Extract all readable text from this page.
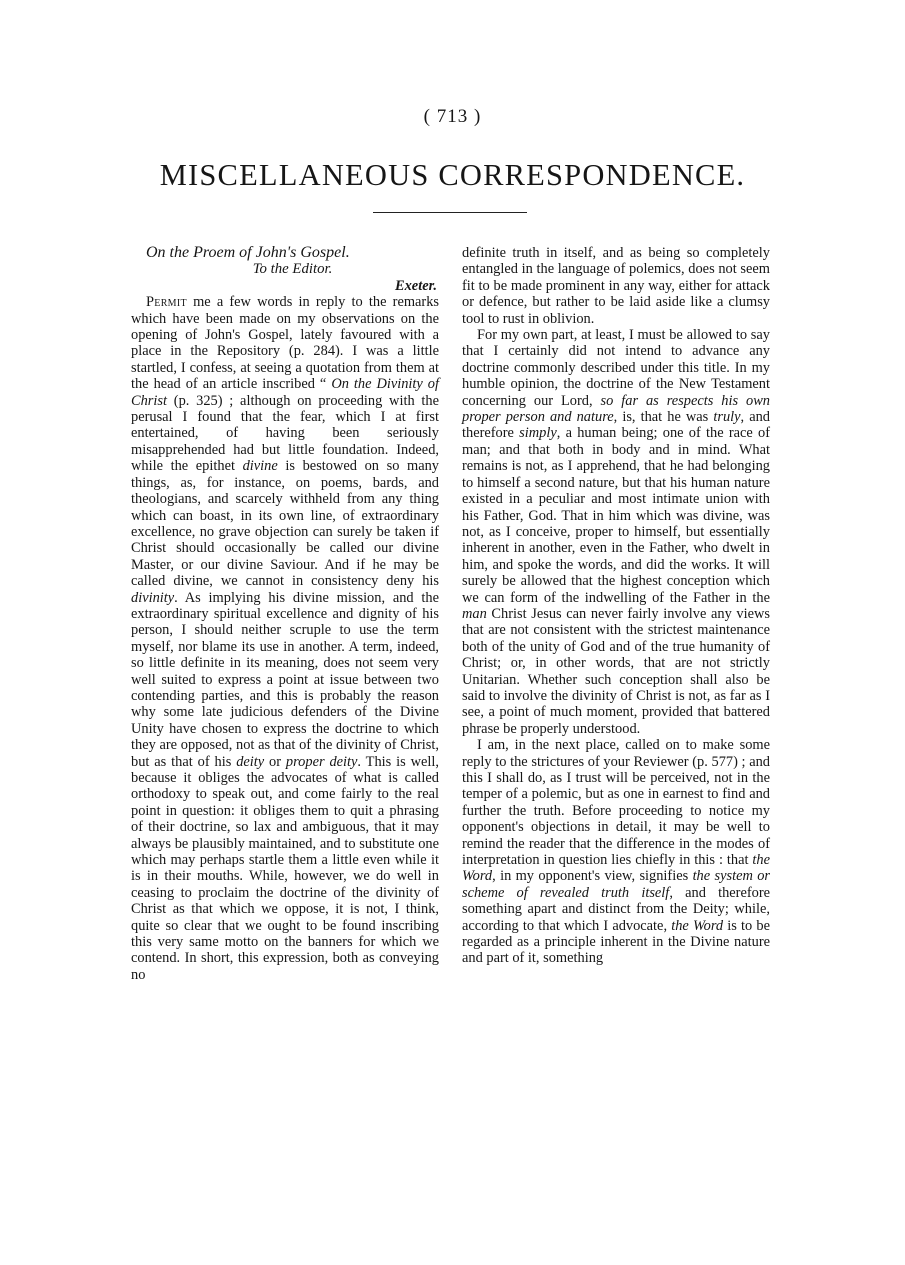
( 713 )
MISCELLANEOUS CORRESPONDENCE.

On the Proem of John's Gospel.

To the Editor.

Exeter.

Permit me a few words in reply to the remarks which have been made on my observations on the opening of John's Gospel, lately favoured with a place in the Repository (p. 284). I was a little startled, I confess, at seeing a quotation from them at the head of an article inscribed “ On the Divinity of Christ (p. 325) ; although on proceeding with the perusal I found that the fear, which I at first entertained, of having been seriously misapprehended had but little foundation. Indeed, while the epithet divine is bestowed on so many things, as, for instance, on poems, bards, and theologians, and scarcely withheld from any thing which can boast, in its own line, of extraordinary excellence, no grave objection can surely be taken if Christ should occasionally be called our divine Master, or our divine Saviour. And if he may be called divine, we cannot in consistency deny his divinity. As implying his divine mission, and the extraordinary spiritual excellence and dignity of his person, I should neither scruple to use the term myself, nor blame its use in another. A term, indeed, so little definite in its meaning, does not seem very well suited to express a point at issue between two contending parties, and this is probably the reason why some late judicious defenders of the Divine Unity have chosen to express the doctrine to which they are opposed, not as that of the divinity of Christ, but as that of his deity or proper deity. This is well, because it obliges the advocates of what is called orthodoxy to speak out, and come fairly to the real point in question: it obliges them to quit a phrasing of their doctrine, so lax and ambiguous, that it may always be plausibly maintained, and to substitute one which may perhaps startle them a little even while it is in their mouths. While, however, we do well in ceasing to proclaim the doctrine of the divinity of Christ as that which we oppose, it is not, I think, quite so clear that we ought to be found inscribing this very same motto on the banners for which we contend. In short, this expression, both as conveying no

definite truth in itself, and as being so completely entangled in the language of polemics, does not seem fit to be made prominent in any way, either for attack or defence, but rather to be laid aside like a clumsy tool to rust in oblivion.

For my own part, at least, I must be allowed to say that I certainly did not intend to advance any doctrine commonly described under this title. In my humble opinion, the doctrine of the New Testament concerning our Lord, so far as respects his own proper person and nature, is, that he was truly, and therefore simply, a human being; one of the race of man; and that both in body and in mind. What remains is not, as I apprehend, that he had belonging to himself a second nature, but that his human nature existed in a peculiar and most intimate union with his Father, God. That in him which was divine, was not, as I conceive, proper to himself, but essentially inherent in another, even in the Father, who dwelt in him, and spoke the words, and did the works. It will surely be allowed that the highest conception which we can form of the indwelling of the Father in the man Christ Jesus can never fairly involve any views that are not consistent with the strictest maintenance both of the unity of God and of the true humanity of Christ; or, in other words, that are not strictly Unitarian. Whether such conception shall also be said to involve the divinity of Christ is not, as far as I see, a point of much moment, provided that battered phrase be properly understood.

I am, in the next place, called on to make some reply to the strictures of your Reviewer (p. 577) ; and this I shall do, as I trust will be perceived, not in the temper of a polemic, but as one in earnest to find and further the truth. Before proceeding to notice my opponent's objections in detail, it may be well to remind the reader that the difference in the modes of interpretation in question lies chiefly in this : that the Word, in my opponent's view, signifies the system or scheme of revealed truth itself, and therefore something apart and distinct from the Deity; while, according to that which I advocate, the Word is to be regarded as a principle inherent in the Divine nature and part of it, something
